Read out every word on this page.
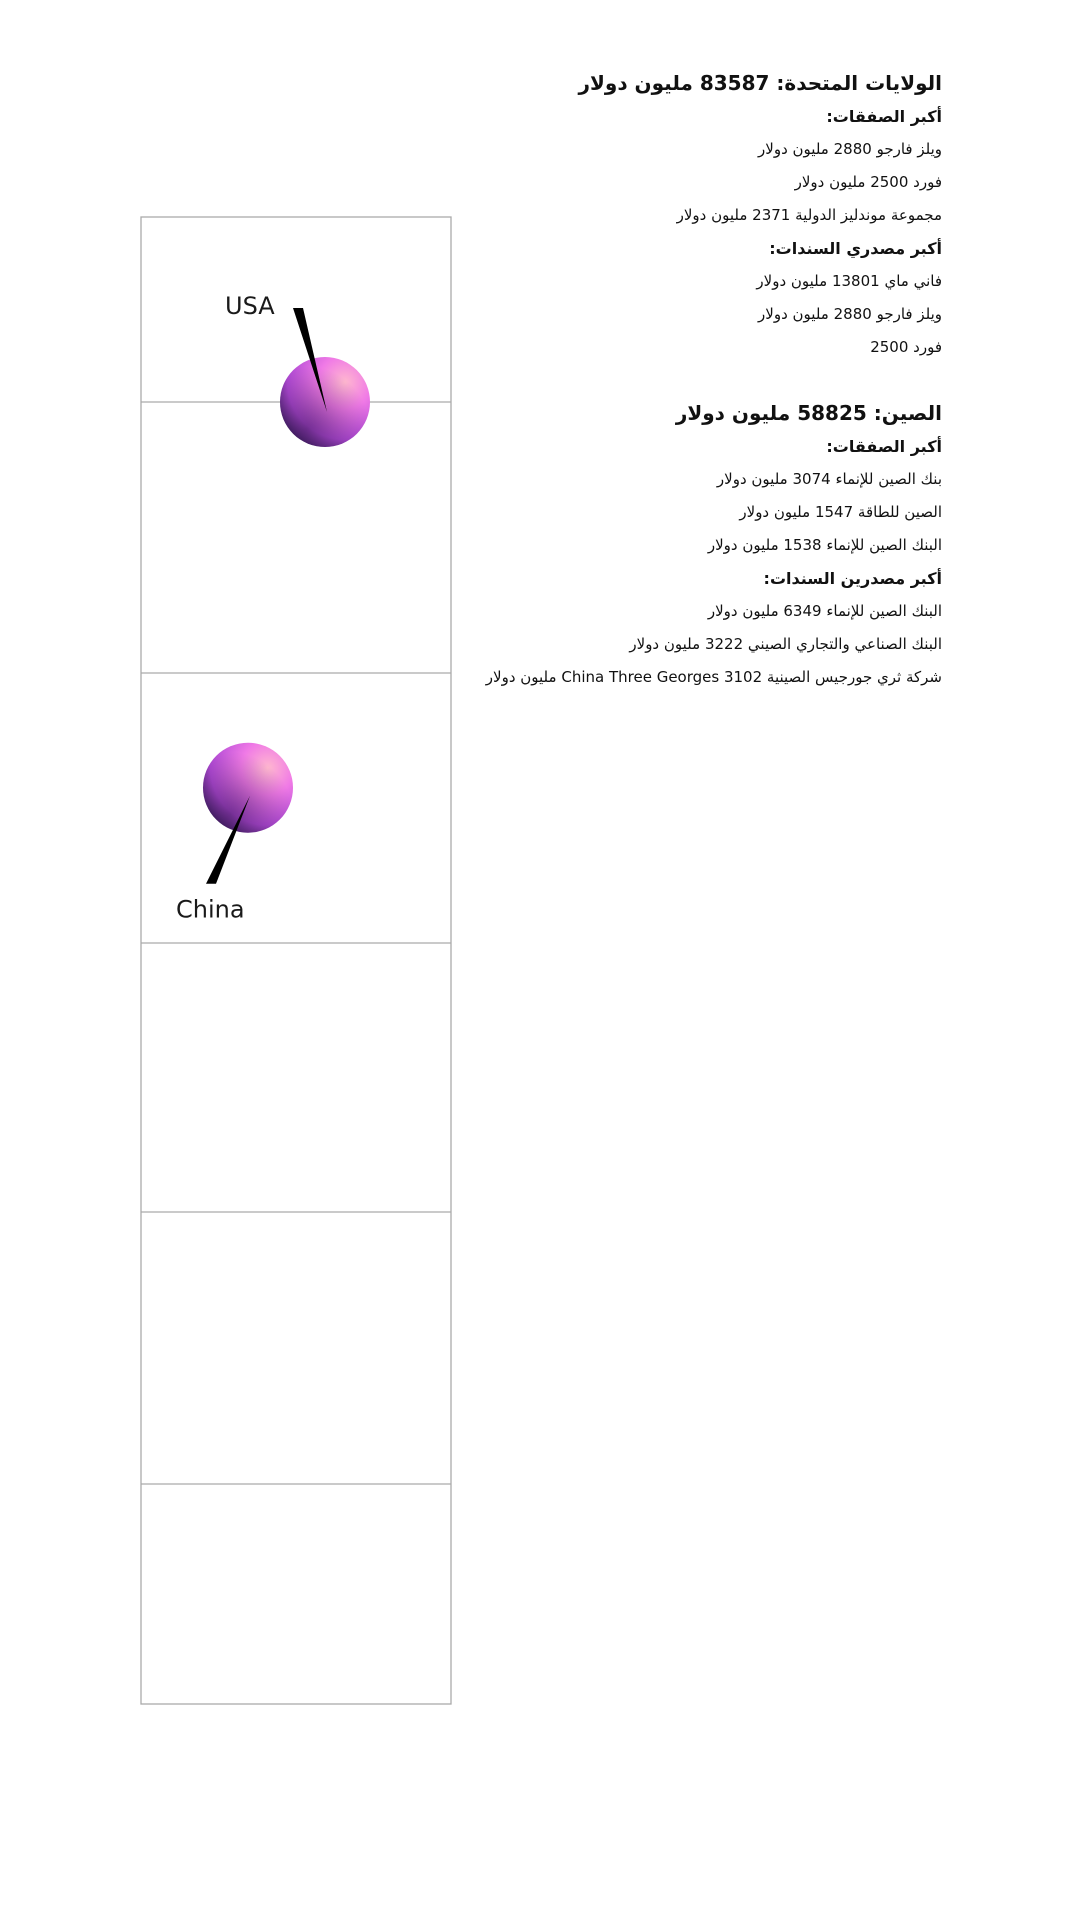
USA
China

الولايات المتحدة: 83587 مليون دولار

أكبر الصفقات:

ويلز فارجو 2880 مليون دولار

فورد 2500 مليون دولار

مجموعة موندليز الدولية 2371 مليون دولار

أكبر مصدري السندات:

فاني ماي 13801 مليون دولار

ويلز فارجو 2880 مليون دولار

فورد 2500

الصين: 58825 مليون دولار

أكبر الصفقات:

بنك الصين للإنماء 3074 مليون دولار

الصين للطاقة 1547 مليون دولار

البنك الصين للإنماء 1538 مليون دولار

أكبر مصدرين السندات:

البنك الصين للإنماء 6349 مليون دولار

البنك الصناعي والتجاري الصيني 3222 مليون دولار

شركة ثري جورجيس الصينية China Three Georges 3102 مليون دولار
